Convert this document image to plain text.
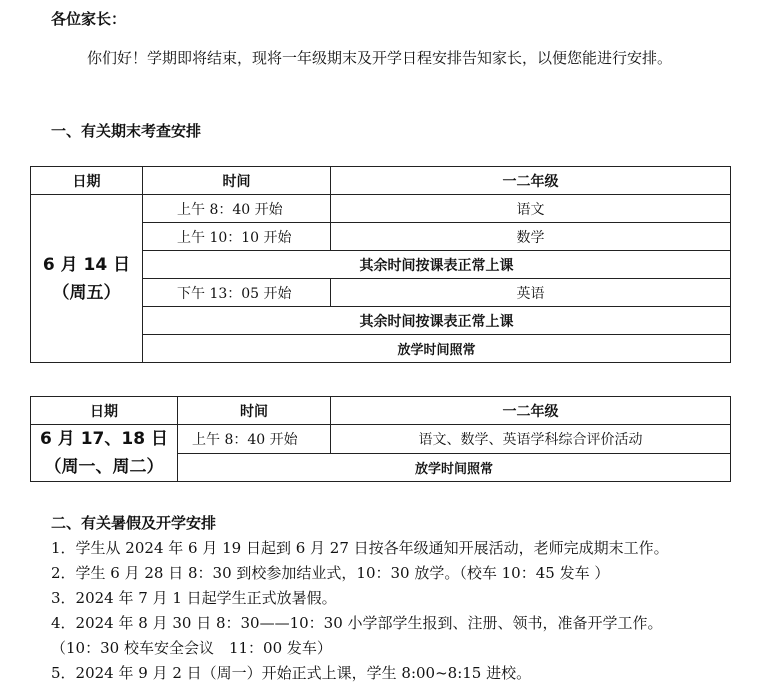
各位家长：
你们好！学期即将结束，现将一年级期末及开学日程安排告知家长，以便您能进行安排。
一、有关期末考查安排
日期	时间	一二年级

6 月 14 日
（周五）	上午 8：40 开始	语文
	上午 10：10 开始	数学
	其余时间按课表正常上课	
	下午 13：05 开始	英语
	其余时间按课表正常上课	
	放学时间照常	
日期	时间	一二年级

6 月 17、18 日
（周一、周二）	上午 8：40 开始	语文、数学、英语学科综合评价活动
	放学时间照常	
二、有关暑假及开学安排
1．学生从 2024 年 6 月 19 日起到 6 月 27 日按各年级通知开展活动，老师完成期末工作。
2．学生 6 月 28 日 8：30 到校参加结业式，10：30 放学。（校车 10：45 发车 ）
3．2024 年 7 月 1 日起学生正式放暑假。
4．2024 年 8 月 30 日 8：30——10：30 小学部学生报到、注册、领书，准备开学工作。
（10：30 校车安全会议　11：00 发车）
5．2024 年 9 月 2 日（周一）开始正式上课，学生 8:00~8:15 进校。
